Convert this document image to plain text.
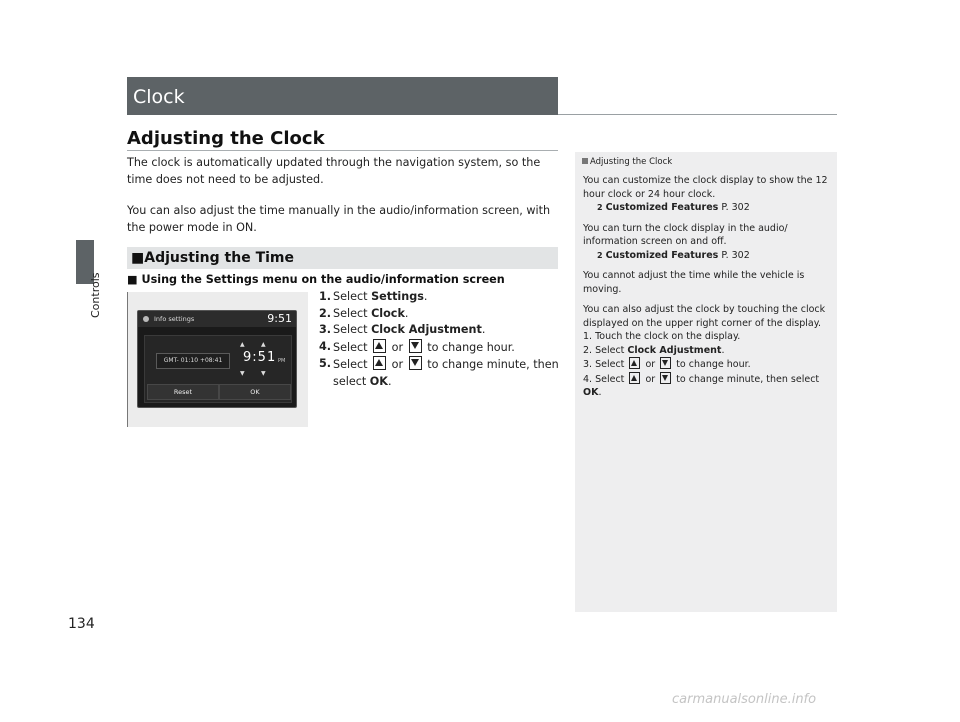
Controls
Clock
Adjusting the Clock
The clock is automatically updated through the navigation system, so the time does not need to be adjusted.
You can also adjust the time manually in the audio/information screen, with the power mode in ON.
■Adjusting the Time
■ Using the Settings menu on the audio/information screen
Info settings	9:51
GMT- 01:10 +08:41
▲	▲
9:51 PM
▼	▼
Reset	OK
1. Select Settings.
2. Select Clock.
3. Select Clock Adjustment.
4. Select
or
to change hour.
5. Select
or
to change minute, then select OK.
Adjusting the Clock

You can customize the clock display to show the 12 hour clock or 24 hour clock.
2 Customized Features P. 302

You can turn the clock display in the audio/ information screen on and off.
2 Customized Features P. 302

You cannot adjust the time while the vehicle is moving.

You can also adjust the clock by touching the clock displayed on the upper right corner of the display.
1. Touch the clock on the display.
2. Select Clock Adjustment.
3. Select
or
to change hour.
4. Select
or
to change minute, then select OK.

134
carmanualsonline.info
